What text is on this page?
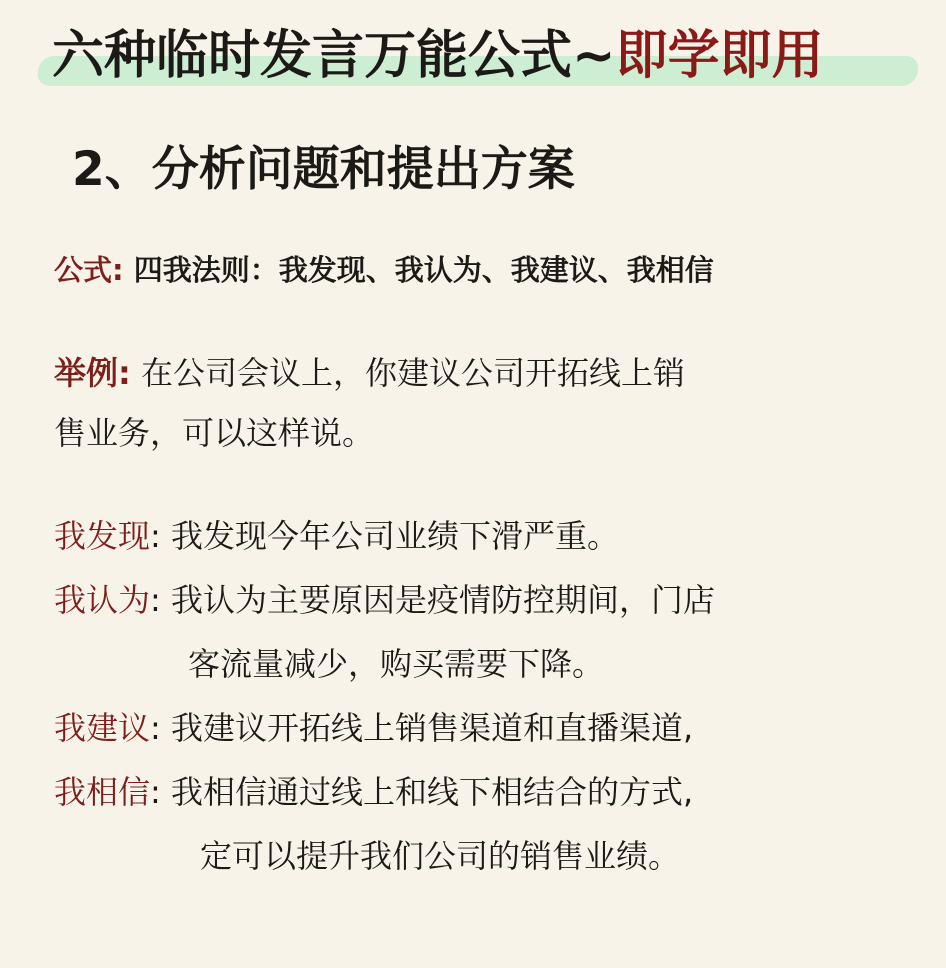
六种临时发言万能公式~即学即用
2、分析问题和提出方案
公式: 四我法则：我发现、我认为、我建议、我相信
举例: 在公司会议上，你建议公司开拓线上销
售业务，可以这样说。
我发现: 我发现今年公司业绩下滑严重。
我认为: 我认为主要原因是疫情防控期间，门店
客流量减少，购买需要下降。
我建议: 我建议开拓线上销售渠道和直播渠道,
我相信: 我相信通过线上和线下相结合的方式,
定可以提升我们公司的销售业绩。
